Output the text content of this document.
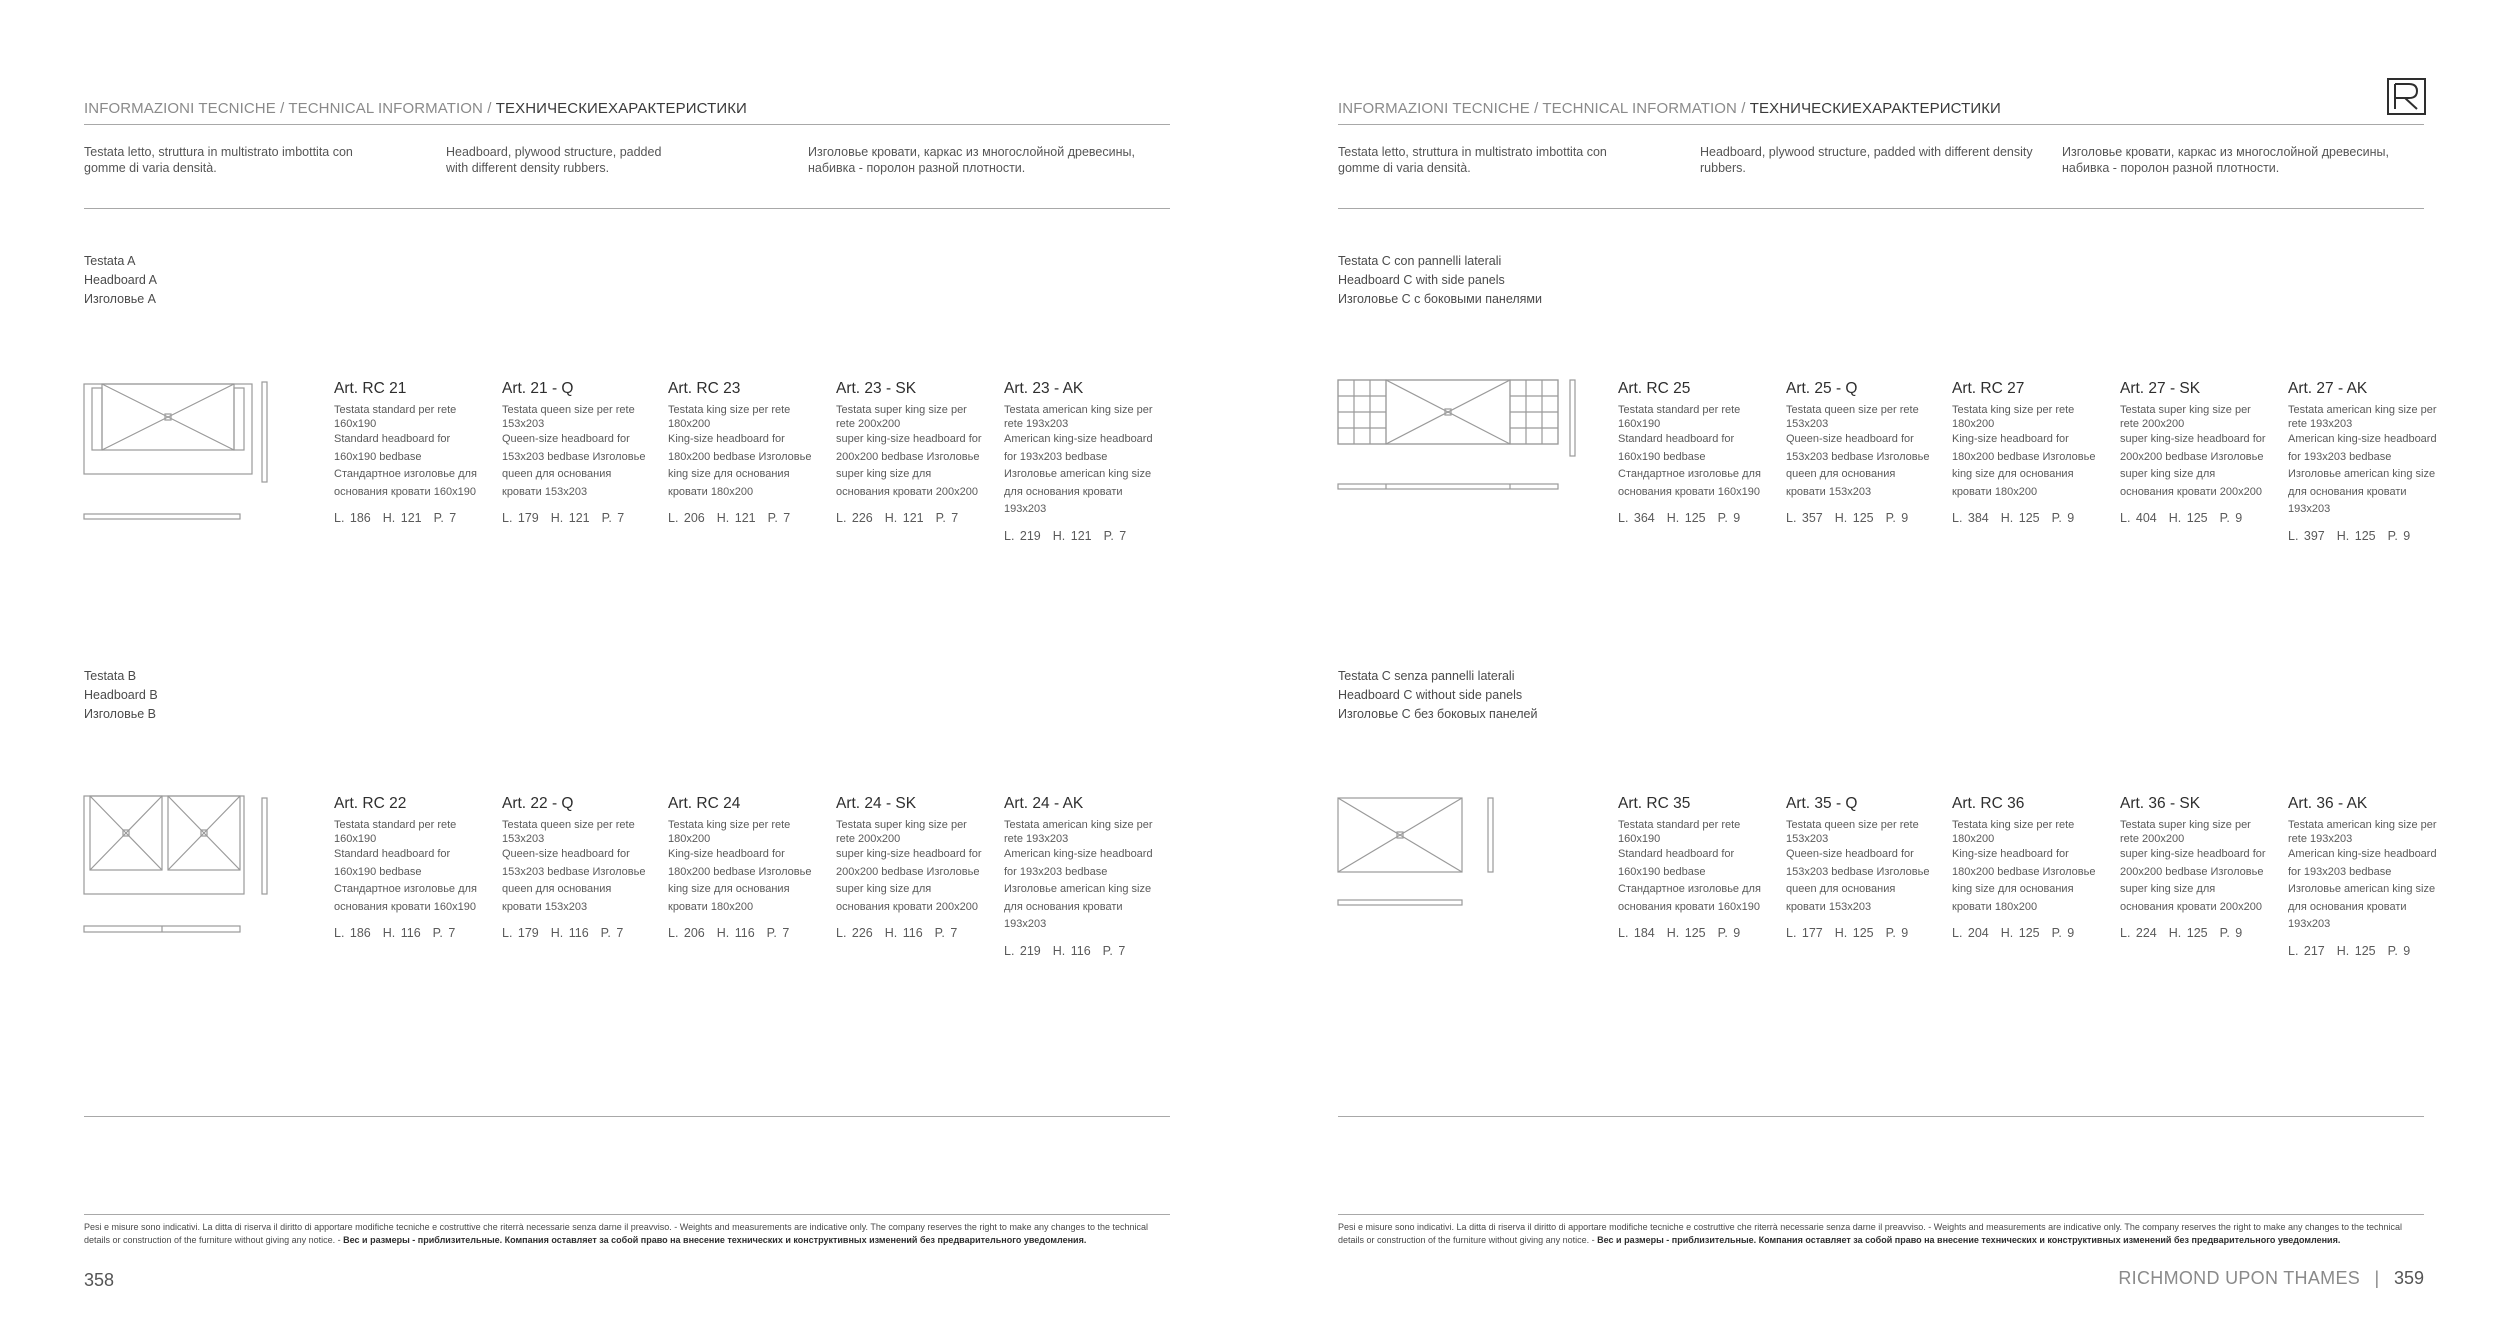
INFORMAZIONI TECNICHE / TECHNICAL INFORMATION / ТЕХНИЧЕСКИЕХАРАКТЕРИСТИКИ
Testata letto, struttura in multistrato imbottita con gomme di varia densità.
Headboard, plywood structure, padded with different density rubbers.
Изголовье кровати, каркас из многослойной древесины, набивка - поролон разной плотности.
Testata A
Headboard A
Изголовье A
Art. RC 21
Testata standard per rete 160x190
Standard headboard for 160x190 bedbase Стандартное изголовье для основания кровати 160x190
L. 186 H. 121 P. 7
Art. 21 - Q
Testata queen size per rete 153x203
Queen-size headboard for 153x203 bedbase Изголовье queen для основания кровати 153x203
L. 179 H. 121 P. 7
Art. RC 23
Testata king size per rete 180x200
King-size headboard for 180x200 bedbase Изголовье king size для основания кровати 180x200
L. 206 H. 121 P. 7
Art. 23 - SK
Testata super king size per rete 200x200
super king-size headboard for 200x200 bedbase Изголовье super king size для основания кровати 200x200
L. 226 H. 121 P. 7
Art. 23 - AK
Testata american king size per rete 193x203
American king-size headboard for 193x203 bedbase Изголовье american king size для основания кровати 193x203
L. 219 H. 121 P. 7
Testata B
Headboard B
Изголовье B
Art. RC 22
Testata standard per rete 160x190
Standard headboard for 160x190 bedbase Стандартное изголовье для основания кровати 160x190
L. 186 H. 116 P. 7
Art. 22 - Q
Testata queen size per rete 153x203
Queen-size headboard for 153x203 bedbase Изголовье queen для основания кровати 153x203
L. 179 H. 116 P. 7
Art. RC 24
Testata king size per rete 180x200
King-size headboard for 180x200 bedbase Изголовье king size для основания кровати 180x200
L. 206 H. 116 P. 7
Art. 24 - SK
Testata super king size per rete 200x200
super king-size headboard for 200x200 bedbase Изголовье super king size для основания кровати 200x200
L. 226 H. 116 P. 7
Art. 24 - AK
Testata american king size per rete 193x203
American king-size headboard for 193x203 bedbase Изголовье american king size для основания кровати 193x203
L. 219 H. 116 P. 7
Pesi e misure sono indicativi. La ditta di riserva il diritto di apportare modifiche tecniche e costruttive che riterrà necessarie senza darne il preavviso. - Weights and measurements are indicative only. The company reserves the right to make any changes to the technical details or construction of the furniture without giving any notice. - Вес и размеры - приблизительные. Компания оставляет за собой право на внесение технических и конструктивных изменений без предварительного уведомления.
358
INFORMAZIONI TECNICHE / TECHNICAL INFORMATION / ТЕХНИЧЕСКИЕХАРАКТЕРИСТИКИ
Testata letto, struttura in multistrato imbottita con gomme di varia densità.
Headboard, plywood structure, padded with different density rubbers.
Изголовье кровати, каркас из многослойной древесины, набивка - поролон разной плотности.
Testata C con pannelli laterali
Headboard C with side panels
Изголовье C с боковыми панелями
Art. RC 25
Testata standard per rete 160x190
Standard headboard for 160x190 bedbase Стандартное изголовье для основания кровати 160x190
L. 364 H. 125 P. 9
Art. 25 - Q
Testata queen size per rete 153x203
Queen-size headboard for 153x203 bedbase Изголовье queen для основания кровати 153x203
L. 357 H. 125 P. 9
Art. RC 27
Testata king size per rete 180x200
King-size headboard for 180x200 bedbase Изголовье king size для основания кровати 180x200
L. 384 H. 125 P. 9
Art. 27 - SK
Testata super king size per rete 200x200
super king-size headboard for 200x200 bedbase Изголовье super king size для основания кровати 200x200
L. 404 H. 125 P. 9
Art. 27 - AK
Testata american king size per rete 193x203
American king-size headboard for 193x203 bedbase Изголовье american king size для основания кровати 193x203
L. 397 H. 125 P. 9
Testata C senza pannelli laterali
Headboard C without side panels
Изголовье C без боковых панелей
Art. RC 35
Testata standard per rete 160x190
Standard headboard for 160x190 bedbase Стандартное изголовье для основания кровати 160x190
L. 184 H. 125 P. 9
Art. 35 - Q
Testata queen size per rete 153x203
Queen-size headboard for 153x203 bedbase Изголовье queen для основания кровати 153x203
L. 177 H. 125 P. 9
Art. RC 36
Testata king size per rete 180x200
King-size headboard for 180x200 bedbase Изголовье king size для основания кровати 180x200
L. 204 H. 125 P. 9
Art. 36 - SK
Testata super king size per rete 200x200
super king-size headboard for 200x200 bedbase Изголовье super king size для основания кровати 200x200
L. 224 H. 125 P. 9
Art. 36 - AK
Testata american king size per rete 193x203
American king-size headboard for 193x203 bedbase Изголовье american king size для основания кровати 193x203
L. 217 H. 125 P. 9
Pesi e misure sono indicativi. La ditta di riserva il diritto di apportare modifiche tecniche e costruttive che riterrà necessarie senza darne il preavviso. - Weights and measurements are indicative only. The company reserves the right to make any changes to the technical details or construction of the furniture without giving any notice. - Вес и размеры - приблизительные. Компания оставляет за собой право на внесение технических и конструктивных изменений без предварительного уведомления.
RICHMOND UPON THAMES | 359
